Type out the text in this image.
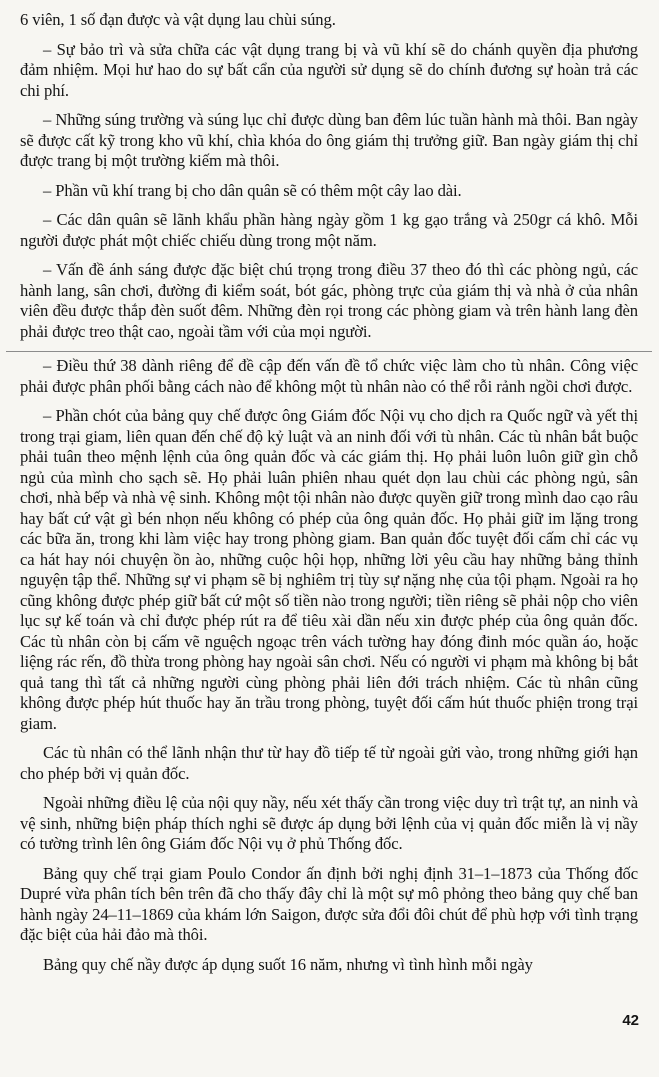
6 viên, 1 số đạn được và vật dụng lau chùi súng.

– Sự bảo trì và sửa chữa các vật dụng trang bị và vũ khí sẽ do chánh quyền địa phương đảm nhiệm. Mọi hư hao do sự bất cẩn của người sử dụng sẽ do chính đương sự hoàn trả các chi phí.

– Những súng trường và súng lục chỉ được dùng ban đêm lúc tuần hành mà thôi. Ban ngày sẽ được cất kỹ trong kho vũ khí, chìa khóa do ông giám thị trưởng giữ. Ban ngày giám thị chỉ được trang bị một trường kiếm mà thôi.

– Phần vũ khí trang bị cho dân quân sẽ có thêm một cây lao dài.

– Các dân quân sẽ lãnh khẩu phần hàng ngày gồm 1 kg gạo trắng và 250gr cá khô. Mỗi người được phát một chiếc chiếu dùng trong một năm.

– Vấn đề ánh sáng được đặc biệt chú trọng trong điều 37 theo đó thì các phòng ngủ, các hành lang, sân chơi, đường đi kiểm soát, bót gác, phòng trực của giám thị và nhà ở của nhân viên đều được thắp đèn suốt đêm. Những đèn rọi trong các phòng giam và trên hành lang đèn phải được treo thật cao, ngoài tầm với của mọi người.

– Điều thứ 38 dành riêng để đề cập đến vấn đề tổ chức việc làm cho tù nhân. Công việc phải được phân phối bằng cách nào để không một tù nhân nào có thể rỗi rảnh ngồi chơi được.

– Phần chót của bảng quy chế được ông Giám đốc Nội vụ cho dịch ra Quốc ngữ và yết thị trong trại giam, liên quan đến chế độ kỷ luật và an ninh đối với tù nhân. Các tù nhân bắt buộc phải tuân theo mệnh lệnh của ông quản đốc và các giám thị. Họ phải luôn luôn giữ gìn chỗ ngủ của mình cho sạch sẽ. Họ phải luân phiên nhau quét dọn lau chùi các phòng ngủ, sân chơi, nhà bếp và nhà vệ sinh. Không một tội nhân nào được quyền giữ trong mình dao cạo râu hay bất cứ vật gì bén nhọn nếu không có phép của ông quản đốc. Họ phải giữ im lặng trong các bữa ăn, trong khi làm việc hay trong phòng giam. Ban quản đốc tuyệt đối cấm chỉ các vụ ca hát hay nói chuyện ồn ào, những cuộc hội họp, những lời yêu cầu hay những bảng thỉnh nguyện tập thể. Những sự vi phạm sẽ bị nghiêm trị tùy sự nặng nhẹ của tội phạm. Ngoài ra họ cũng không được phép giữ bất cứ một số tiền nào trong người; tiền riêng sẽ phải nộp cho viên lục sự kế toán và chỉ được phép rút ra để tiêu xài dần nếu xin được phép của ông quản đốc. Các tù nhân còn bị cấm vẽ nguệch ngoạc trên vách tường hay đóng đinh móc quần áo, hoặc liệng rác rến, đồ thừa trong phòng hay ngoài sân chơi. Nếu có người vi phạm mà không bị bắt quả tang thì tất cả những người cùng phòng phải liên đới trách nhiệm. Các tù nhân cũng không được phép hút thuốc hay ăn trầu trong phòng, tuyệt đối cấm hút thuốc phiện trong trại giam.

Các tù nhân có thể lãnh nhận thư từ hay đồ tiếp tế từ ngoài gửi vào, trong những giới hạn cho phép bởi vị quản đốc.

Ngoài những điều lệ của nội quy nầy, nếu xét thấy cần trong việc duy trì trật tự, an ninh và vệ sinh, những biện pháp thích nghi sẽ được áp dụng bởi lệnh của vị quản đốc miễn là vị nầy có tường trình lên ông Giám đốc Nội vụ ở phủ Thống đốc.

Bảng quy chế trại giam Poulo Condor ấn định bởi nghị định 31–1–1873 của Thống đốc Dupré vừa phân tích bên trên đã cho thấy đây chỉ là một sự mô phỏng theo bảng quy chế ban hành ngày 24–11–1869 của khám lớn Saigon, được sửa đổi đôi chút để phù hợp với tình trạng đặc biệt của hải đảo mà thôi.

Bảng quy chế nầy được áp dụng suốt 16 năm, nhưng vì tình hình mỗi ngày

42
